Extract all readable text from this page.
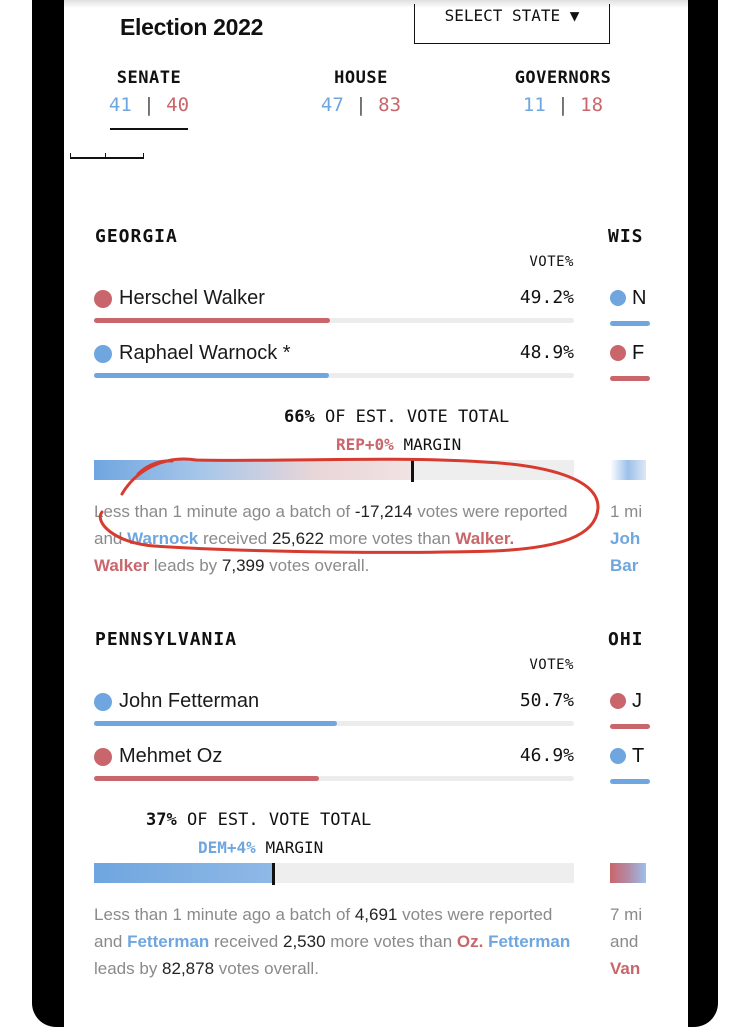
Election 2022	SELECT STATE ▼
SENATE
41 | 40
HOUSE
47 | 83
GOVERNORS
11 | 18
GEORGIA
VOTE%
Herschel Walker	49.2%
Raphael Warnock *	48.9%
66% OF EST. VOTE TOTAL
REP+0% MARGIN
Less than 1 minute ago a batch of -17,214 votes were reported and Warnock received 25,622 more votes than Walker. Walker leads by 7,399 votes overall.
PENNSYLVANIA
VOTE%
John Fetterman	50.7%
Mehmet Oz	46.9%
37% OF EST. VOTE TOTAL
DEM+4% MARGIN
Less than 1 minute ago a batch of 4,691 votes were reported and Fetterman received 2,530 more votes than Oz. Fetterman leads by 82,878 votes overall.
WIS
N
F
1 mi
Joh
Bar
OHI
J
T
7 mi
and
Van
